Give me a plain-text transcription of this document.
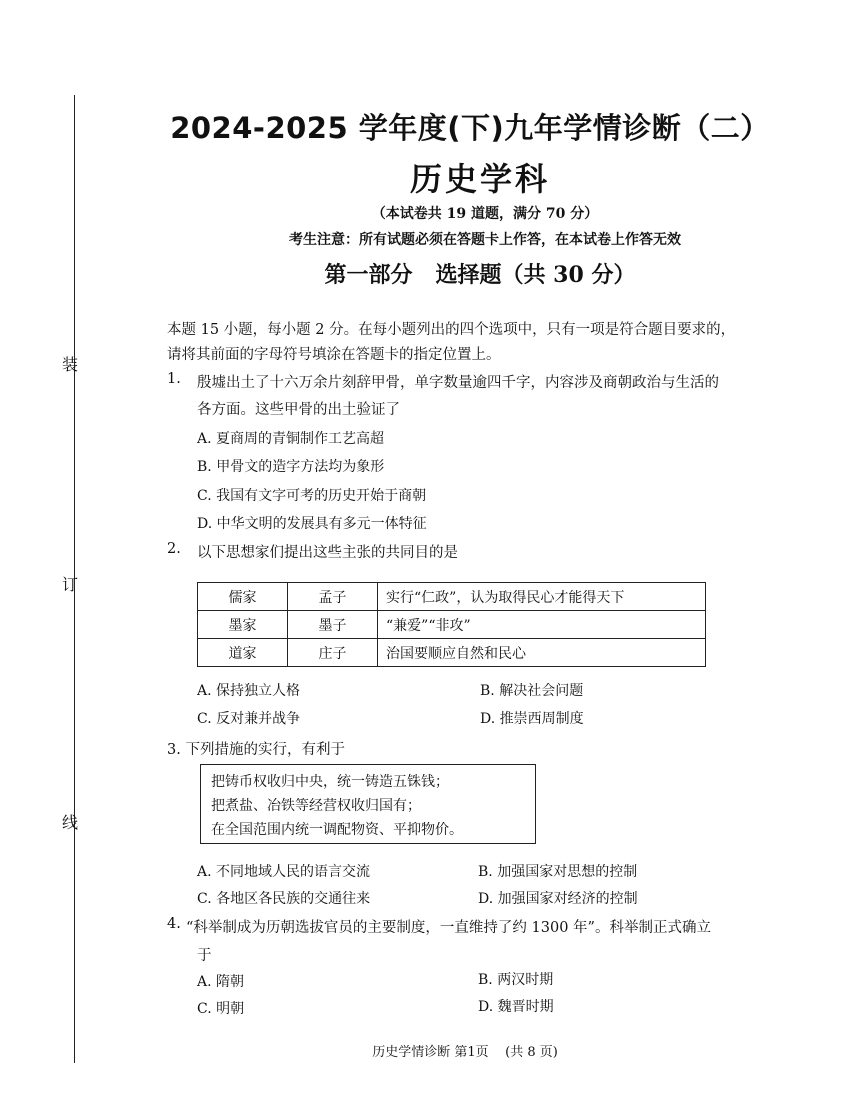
装
订
线
2024-2025 学年度(下)九年学情诊断（二）
历史学科
（本试卷共 19 道题，满分 70 分）
考生注意：所有试题必须在答题卡上作答，在本试卷上作答无效
第一部分   选择题（共 30 分）
本题 15 小题，每小题 2 分。在每小题列出的四个选项中，只有一项是符合题目要求的，
请将其前面的字母符号填涂在答题卡的指定位置上。
1. 殷墟出土了十六万余片刻辞甲骨，单字数量逾四千字，内容涉及商朝政治与生活的
各方面。这些甲骨的出土验证了
A. 夏商周的青铜制作工艺高超
B. 甲骨文的造字方法均为象形
C. 我国有文字可考的历史开始于商朝
D. 中华文明的发展具有多元一体特征
2. 以下思想家们提出这些主张的共同目的是
儒家	孟子	实行“仁政”，认为取得民心才能得天下
墨家	墨子	“兼爱”“非攻”
道家	庄子	治国要顺应自然和民心
A. 保持独立人格	B. 解决社会问题
C. 反对兼并战争	D. 推崇西周制度
3. 下列措施的实行，有利于
把铸币权收归中央，统一铸造五铢钱；
把煮盐、冶铁等经营权收归国有；
在全国范围内统一调配物资、平抑物价。
A. 不同地域人民的语言交流	B. 加强国家对思想的控制
C. 各地区各民族的交通往来	D. 加强国家对经济的控制
4. “科举制成为历朝选拔官员的主要制度，一直维持了约 1300 年”。科举制正式确立
于
A. 隋朝	B. 两汉时期
C. 明朝	D. 魏晋时期
历史学情诊断 第1页    (共 8 页)
